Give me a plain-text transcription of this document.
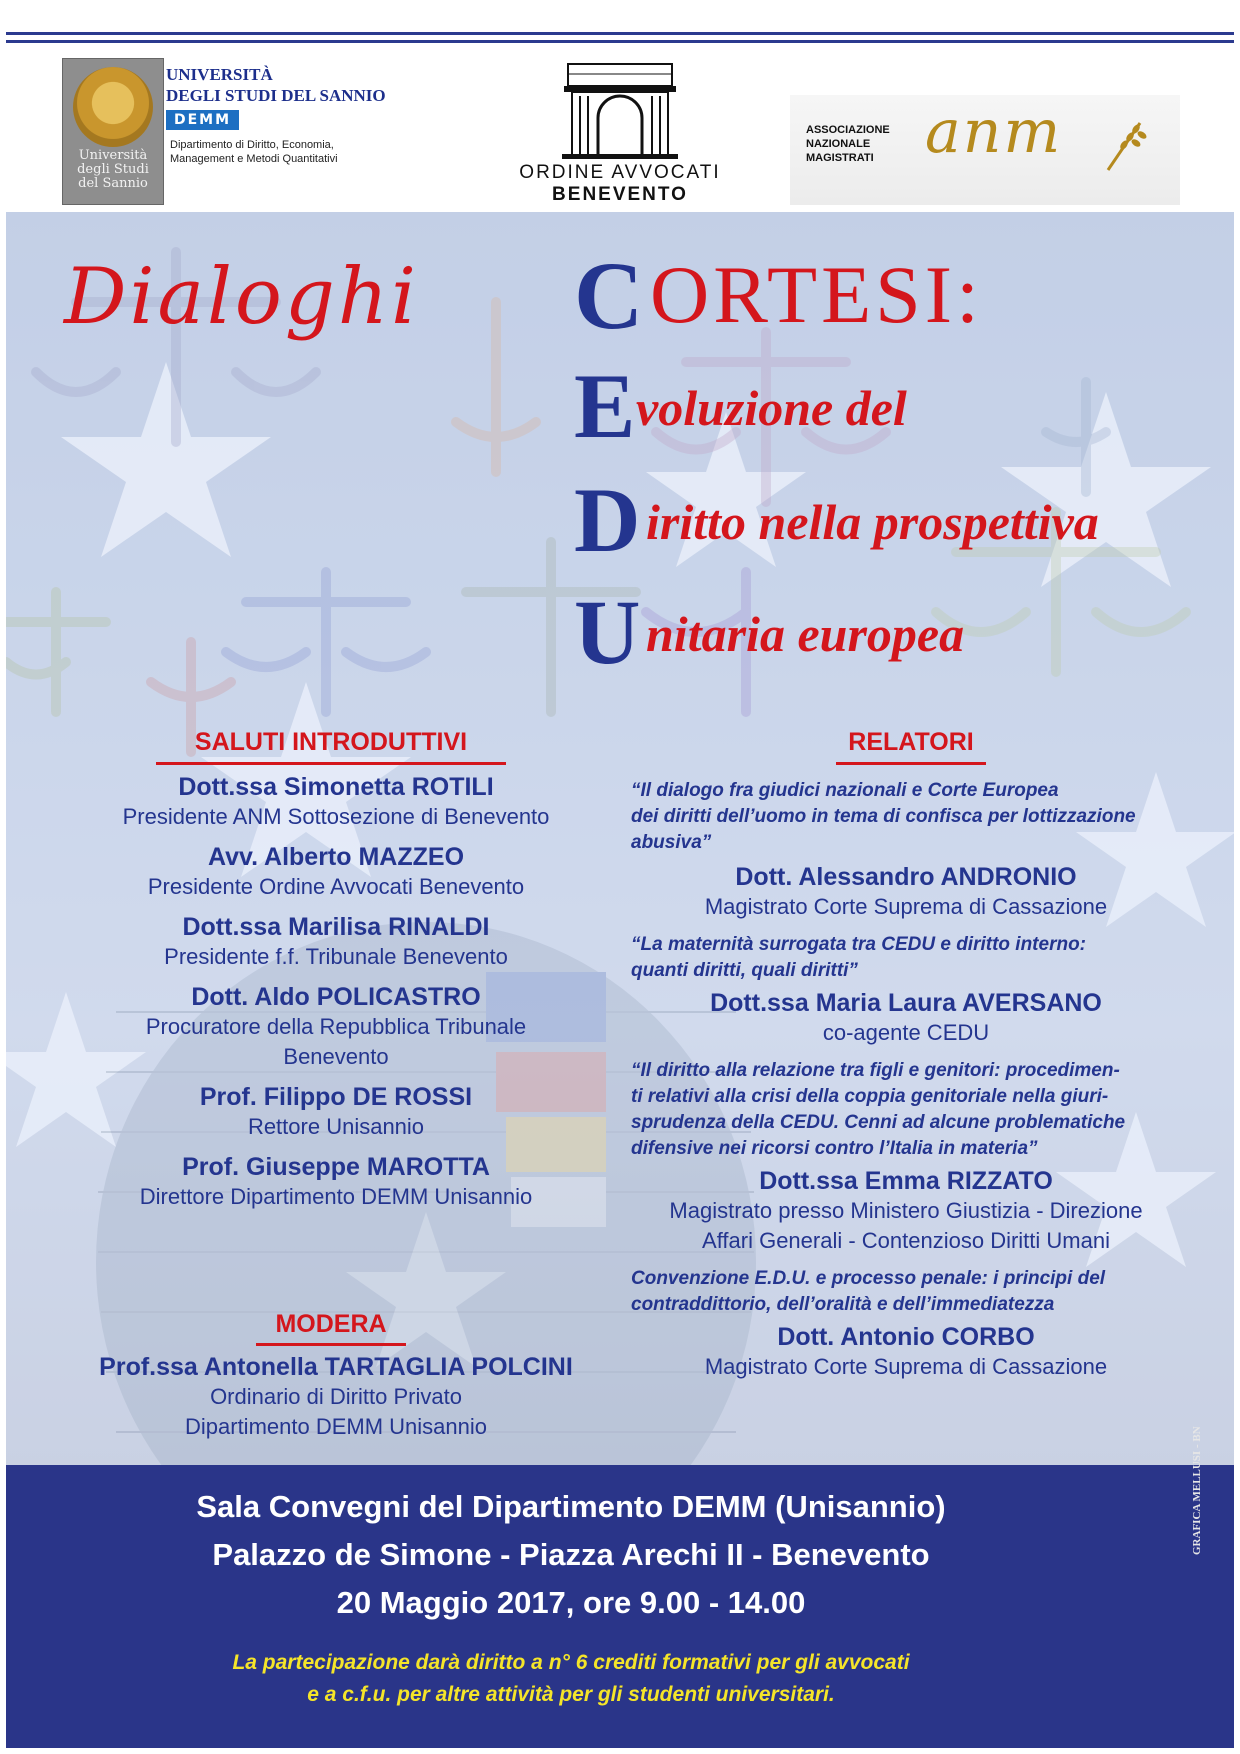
Università
degli Studi
del Sannio
UNIVERSITÀ
DEGLI STUDI DEL SANNIO
DEMM
Dipartimento di Diritto, Economia,
Management e Metodi Quantitativi
ORDINE AVVOCATI
BENEVENTO
ASSOCIAZIONE
NAZIONALE
MAGISTRATI anm
Dialoghi C ORTESI:
E voluzione del
D iritto nella prospettiva
U nitaria europea
SALUTI INTRODUTTIVI
Dott.ssa Simonetta ROTILI
Presidente ANM Sottosezione di Benevento
Avv. Alberto MAZZEO
Presidente Ordine Avvocati Benevento
Dott.ssa Marilisa RINALDI
Presidente f.f. Tribunale Benevento
Dott. Aldo POLICASTRO
Procuratore della Repubblica Tribunale
Benevento
Prof. Filippo DE ROSSI
Rettore Unisannio
Prof. Giuseppe MAROTTA
Direttore Dipartimento DEMM Unisannio
MODERA
Prof.ssa Antonella TARTAGLIA POLCINI
Ordinario di Diritto Privato
Dipartimento DEMM Unisannio
RELATORI
“Il dialogo fra giudici nazionali e Corte Europea
dei diritti dell’uomo in tema di confisca per lottizzazione
abusiva”
Dott. Alessandro ANDRONIO
Magistrato Corte Suprema di Cassazione
“La maternità surrogata tra CEDU e diritto interno:
quanti diritti, quali diritti”
Dott.ssa Maria Laura AVERSANO
co-agente CEDU
“Il diritto alla relazione tra figli e genitori: procedimen-
ti relativi alla crisi della coppia genitoriale nella giuri-
sprudenza della CEDU. Cenni ad alcune problematiche
difensive nei ricorsi contro l’Italia in materia”
Dott.ssa Emma RIZZATO
Magistrato presso Ministero Giustizia - Direzione
Affari Generali - Contenzioso Diritti Umani
Convenzione E.D.U. e processo penale: i principi del
contraddittorio, dell’oralità e dell’immediatezza
Dott. Antonio CORBO
Magistrato Corte Suprema di Cassazione
Sala Convegni del Dipartimento DEMM (Unisannio)
Palazzo de Simone - Piazza Arechi II - Benevento
20 Maggio 2017, ore 9.00 - 14.00
La partecipazione darà diritto a n° 6 crediti formativi per gli avvocati
e a c.f.u. per altre attività per gli studenti universitari.
GRAFICA MELLUSI - BN
